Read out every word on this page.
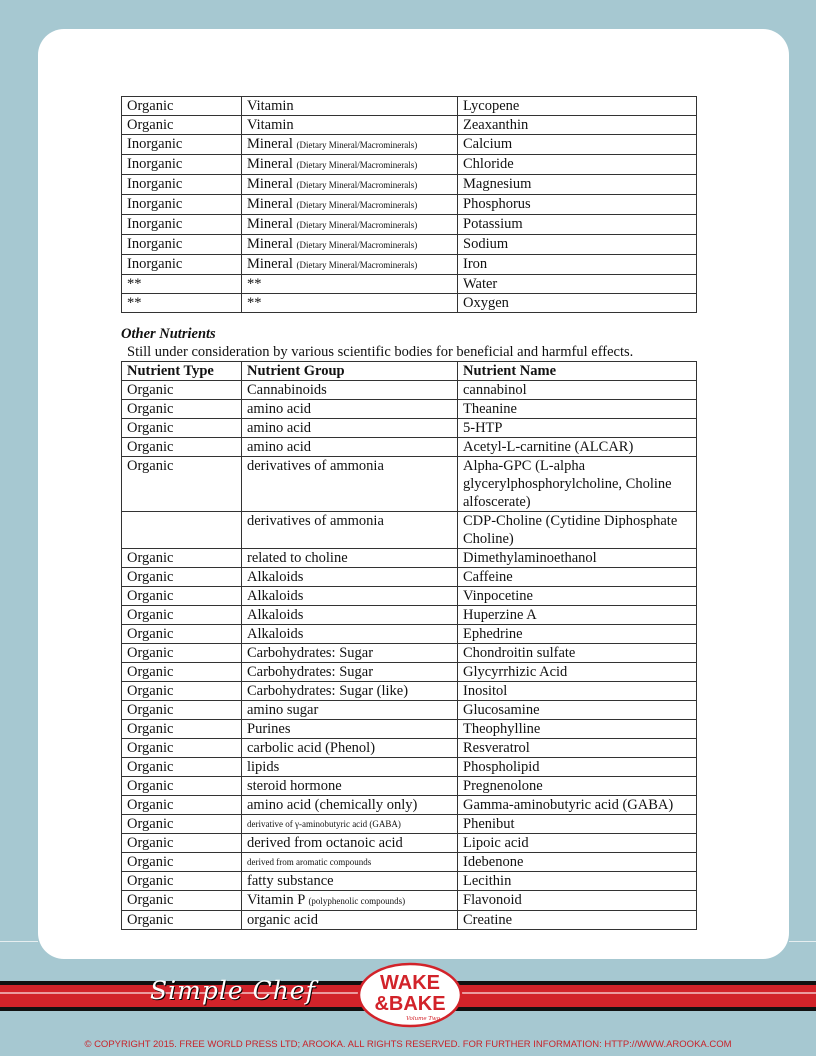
Organic	Vitamin	Lycopene
Organic	Vitamin	Zeaxanthin
Inorganic	Mineral (Dietary Mineral/Macrominerals)	Calcium
Inorganic	Mineral (Dietary Mineral/Macrominerals)	Chloride
Inorganic	Mineral (Dietary Mineral/Macrominerals)	Magnesium
Inorganic	Mineral (Dietary Mineral/Macrominerals)	Phosphorus
Inorganic	Mineral (Dietary Mineral/Macrominerals)	Potassium
Inorganic	Mineral (Dietary Mineral/Macrominerals)	Sodium
Inorganic	Mineral (Dietary Mineral/Macrominerals)	Iron
**	**	Water
**	**	Oxygen
Other Nutrients
Still under consideration by various scientific bodies for beneficial and harmful effects.
Nutrient Type	Nutrient Group	Nutrient Name
Organic	Cannabinoids	cannabinol
Organic	amino acid	Theanine
Organic	amino acid	5-HTP
Organic	amino acid	Acetyl-L-carnitine (ALCAR)
Organic	derivatives of ammonia	Alpha-GPC (L-alpha glycerylphosphorylcholine, Choline alfoscerate)
	derivatives of ammonia	CDP-Choline (Cytidine Diphosphate Choline)
Organic	related to choline	Dimethylaminoethanol
Organic	Alkaloids	Caffeine
Organic	Alkaloids	Vinpocetine
Organic	Alkaloids	Huperzine A
Organic	Alkaloids	Ephedrine
Organic	Carbohydrates: Sugar	Chondroitin sulfate
Organic	Carbohydrates: Sugar	Glycyrrhizic Acid
Organic	Carbohydrates: Sugar (like)	Inositol
Organic	amino sugar	Glucosamine
Organic	Purines	Theophylline
Organic	carbolic acid (Phenol)	Resveratrol
Organic	lipids	Phospholipid
Organic	steroid hormone	Pregnenolone
Organic	amino acid (chemically only)	Gamma-aminobutyric acid (GABA)
Organic	derivative of γ-aminobutyric acid (GABA)	Phenibut
Organic	derived from octanoic acid	Lipoic acid
Organic	derived from aromatic compounds	Idebenone
Organic	fatty substance	Lecithin
Organic	Vitamin P (polyphenolic compounds)	Flavonoid
Organic	organic acid	Creatine
Simple Chef	WAKE
&BAKE
Volume Two
© COPYRIGHT 2015. FREE WORLD PRESS LTD; AROOKA. ALL RIGHTS RESERVED. FOR FURTHER INFORMATION: HTTP://WWW.AROOKA.COM
